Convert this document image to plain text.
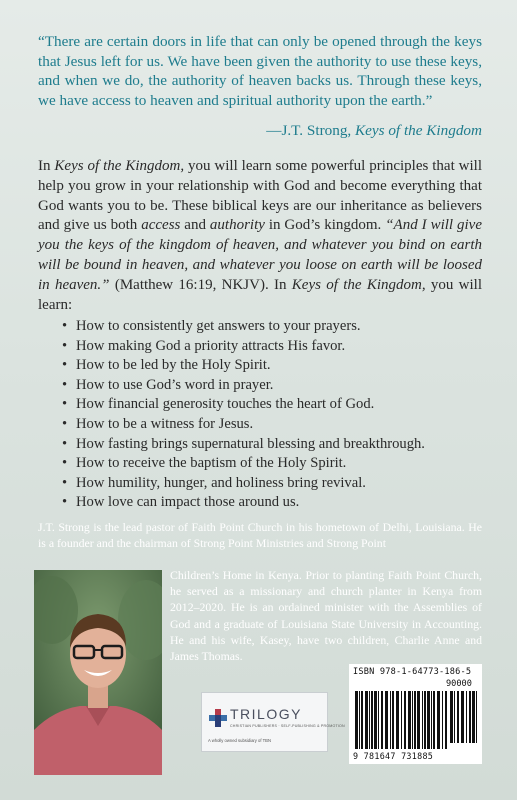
“There are certain doors in life that can only be opened through the keys that Jesus left for us. We have been given the authority to use these keys, and when we do, the authority of heaven backs us. Through these keys, we have access to heaven and spiritual authority upon the earth.”
—J.T. Strong, Keys of the Kingdom
In Keys of the Kingdom, you will learn some powerful principles that will help you grow in your relationship with God and become everything that God wants you to be. These biblical keys are our inheritance as believers and give us both access and authority in God’s kingdom. “And I will give you the keys of the kingdom of heaven, and whatever you bind on earth will be bound in heaven, and whatever you loose on earth will be loosed in heaven.” (Matthew 16:19, NKJV). In Keys of the Kingdom, you will learn:
• How to consistently get answers to your prayers.
• How making God a priority attracts His favor.
• How to be led by the Holy Spirit.
• How to use God’s word in prayer.
• How financial generosity touches the heart of God.
• How to be a witness for Jesus.
• How fasting brings supernatural blessing and breakthrough.
• How to receive the baptism of the Holy Spirit.
• How humility, hunger, and holiness bring revival.
• How love can impact those around us.
J.T. Strong is the lead pastor of Faith Point Church in his hometown of Delhi, Louisiana. He is a founder and the chairman of Strong Point Ministries and Strong Point
Children’s Home in Kenya. Prior to planting Faith Point Church, he served as a missionary and church planter in Kenya from 2012–2020. He is an ordained minister with the Assemblies of God and a graduate of Louisiana State University in Accounting. He and his wife, Kasey, have two children, Charlie Anne and James Thomas.
TRILOGY
CHRISTIAN PUBLISHERS · SELF-PUBLISHING & PROMOTION
A wholly owned subsidiary of TBN
ISBN 978-1-64773-186-5
90000
9 781647 731885
